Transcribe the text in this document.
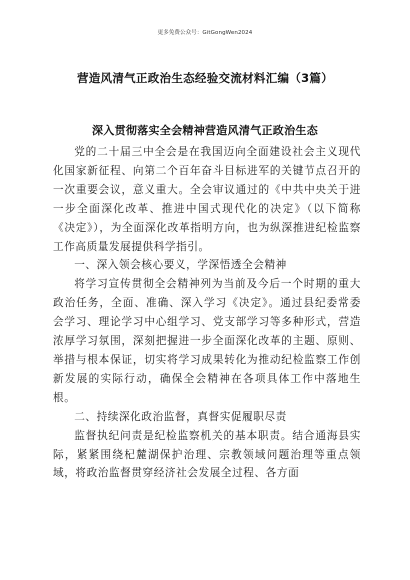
更多免费公众号：GitGongWen2024
营造风清气正政治生态经验交流材料汇编（3篇）
深入贯彻落实全会精神营造风清气正政治生态

党的二十届三中全会是在我国迈向全面建设社会主义现代化国家新征程、向第二个百年奋斗目标进军的关键节点召开的一次重要会议，意义重大。全会审议通过的《中共中央关于进一步全面深化改革、推进中国式现代化的决定》（以下简称《决定》），为全面深化改革指明方向，也为纵深推进纪检监察工作高质量发展提供科学指引。

一、深入领会核心要义，学深悟透全会精神

将学习宣传贯彻全会精神列为当前及今后一个时期的重大政治任务，全面、准确、深入学习《决定》。通过县纪委常委会学习、理论学习中心组学习、党支部学习等多种形式，营造浓厚学习氛围，深刻把握进一步全面深化改革的主题、原则、举措与根本保证，切实将学习成果转化为推动纪检监察工作创新发展的实际行动，确保全会精神在各项具体工作中落地生根。

二、持续深化政治监督，真督实促履职尽责

监督执纪问责是纪检监察机关的基本职责。结合通海县实际，紧紧围绕杞麓湖保护治理、宗教领域问题治理等重点领域，将政治监督贯穿经济社会发展全过程、各方面
